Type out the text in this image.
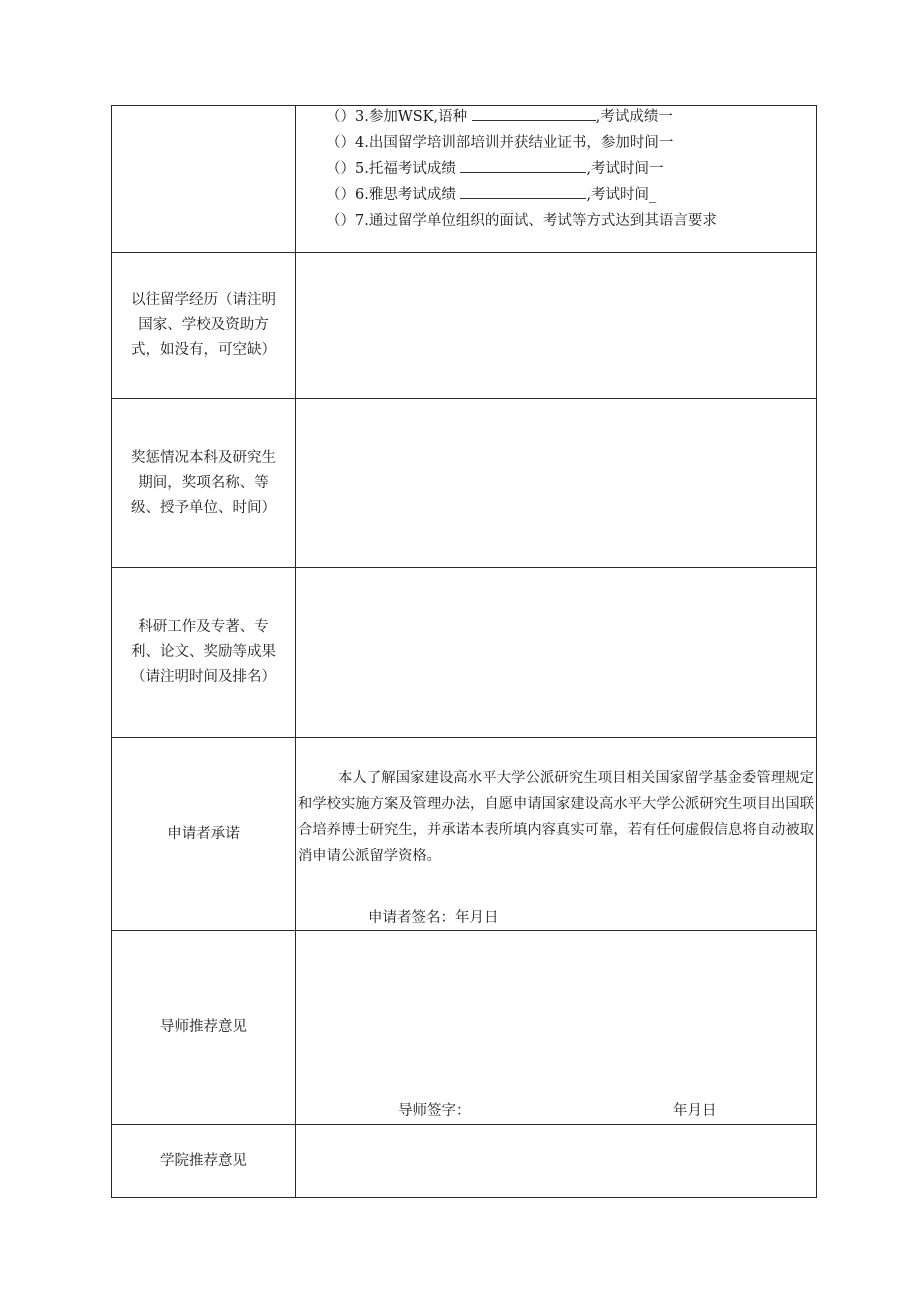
	（）3.参加WSK,语种 ,考试成绩一
（）4.出国留学培训部培训并获结业证书，参加时间一
（）5.托福考试成绩 ,考试时间一
（）6.雅思考试成绩 ,考试时间_
（）7.通过留学单位组织的面试、考试等方式达到其语言要求

以往留学经历（请注明国家、学校及资助方式，如没有，可空缺）	
奖惩情况本科及研究生期间，奖项名称、等级、授予单位、时间）	
科研工作及专著、专利、论文、奖励等成果（请注明时间及排名）	
申请者承诺	本人了解国家建设高水平大学公派研究生项目相关国家留学基金委管理规定和学校实施方案及管理办法，自愿申请国家建设高水平大学公派研究生项目出国联合培养博士研究生，并承诺本表所填内容真实可靠，若有任何虚假信息将自动被取消申请公派留学资格。

申请者签名：年月日

导师推荐意见	导师签字： 年月日

学院推荐意见	
